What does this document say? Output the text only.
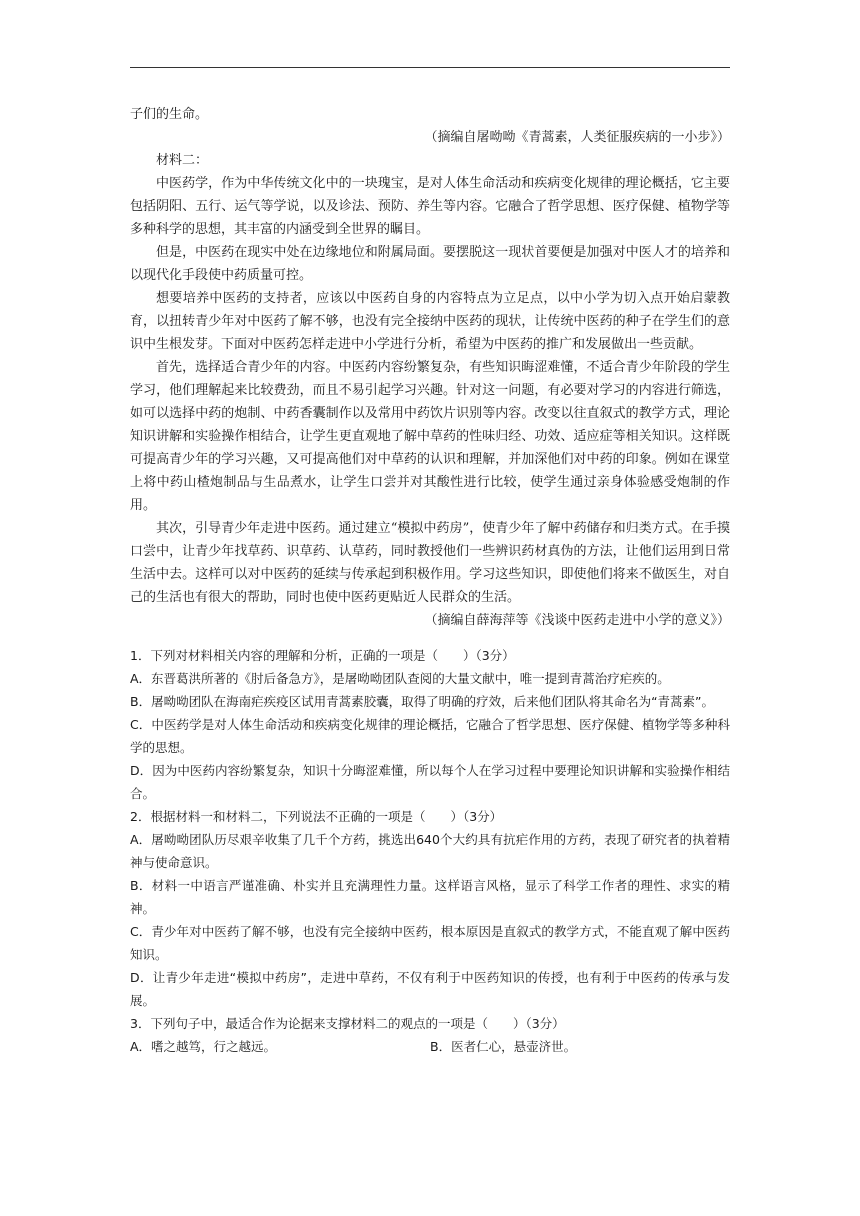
子们的生命。

（摘编自屠呦呦《青蒿素，人类征服疾病的一小步》）

材料二：

中医药学，作为中华传统文化中的一块瑰宝，是对人体生命活动和疾病变化规律的理论概括，它主要包括阴阳、五行、运气等学说，以及诊法、预防、养生等内容。它融合了哲学思想、医疗保健、植物学等多种科学的思想，其丰富的内涵受到全世界的瞩目。

但是，中医药在现实中处在边缘地位和附属局面。要摆脱这一现状首要便是加强对中医人才的培养和以现代化手段使中药质量可控。

想要培养中医药的支持者，应该以中医药自身的内容特点为立足点，以中小学为切入点开始启蒙教育，以扭转青少年对中医药了解不够，也没有完全接纳中医药的现状，让传统中医药的种子在学生们的意识中生根发芽。下面对中医药怎样走进中小学进行分析，希望为中医药的推广和发展做出一些贡献。

首先，选择适合青少年的内容。中医药内容纷繁复杂，有些知识晦涩难懂，不适合青少年阶段的学生学习，他们理解起来比较费劲，而且不易引起学习兴趣。针对这一问题，有必要对学习的内容进行筛选，如可以选择中药的炮制、中药香囊制作以及常用中药饮片识别等内容。改变以往直叙式的教学方式，理论知识讲解和实验操作相结合，让学生更直观地了解中草药的性味归经、功效、适应症等相关知识。这样既可提高青少年的学习兴趣，又可提高他们对中草药的认识和理解，并加深他们对中药的印象。例如在课堂上将中药山楂炮制品与生品煮水，让学生口尝并对其酸性进行比较，使学生通过亲身体验感受炮制的作用。

其次，引导青少年走进中医药。通过建立“模拟中药房”，使青少年了解中药储存和归类方式。在手摸口尝中，让青少年找草药、识草药、认草药，同时教授他们一些辨识药材真伪的方法，让他们运用到日常生活中去。这样可以对中医药的延续与传承起到积极作用。学习这些知识，即使他们将来不做医生，对自己的生活也有很大的帮助，同时也使中医药更贴近人民群众的生活。

（摘编自薛海萍等《浅谈中医药走进中小学的意义》）

1．下列对材料相关内容的理解和分析，正确的一项是（　　）（3分）

A．东晋葛洪所著的《肘后备急方》，是屠呦呦团队查阅的大量文献中，唯一提到青蒿治疗疟疾的。

B．屠呦呦团队在海南疟疾疫区试用青蒿素胶囊，取得了明确的疗效，后来他们团队将其命名为“青蒿素”。

C．中医药学是对人体生命活动和疾病变化规律的理论概括，它融合了哲学思想、医疗保健、植物学等多种科学的思想。

D．因为中医药内容纷繁复杂，知识十分晦涩难懂，所以每个人在学习过程中要理论知识讲解和实验操作相结合。

2．根据材料一和材料二，下列说法不正确的一项是（　　）（3分）

A．屠呦呦团队历尽艰辛收集了几千个方药，挑选出640个大约具有抗疟作用的方药，表现了研究者的执着精神与使命意识。

B．材料一中语言严谨准确、朴实并且充满理性力量。这样语言风格，显示了科学工作者的理性、求实的精神。

C．青少年对中医药了解不够，也没有完全接纳中医药，根本原因是直叙式的教学方式，不能直观了解中医药知识。

D．让青少年走进“模拟中药房”，走进中草药，不仅有利于中医药知识的传授，也有利于中医药的传承与发展。

3．下列句子中，最适合作为论据来支撑材料二的观点的一项是（　　）（3分）

A．嗜之越笃，行之越远。	B．医者仁心，悬壶济世。
